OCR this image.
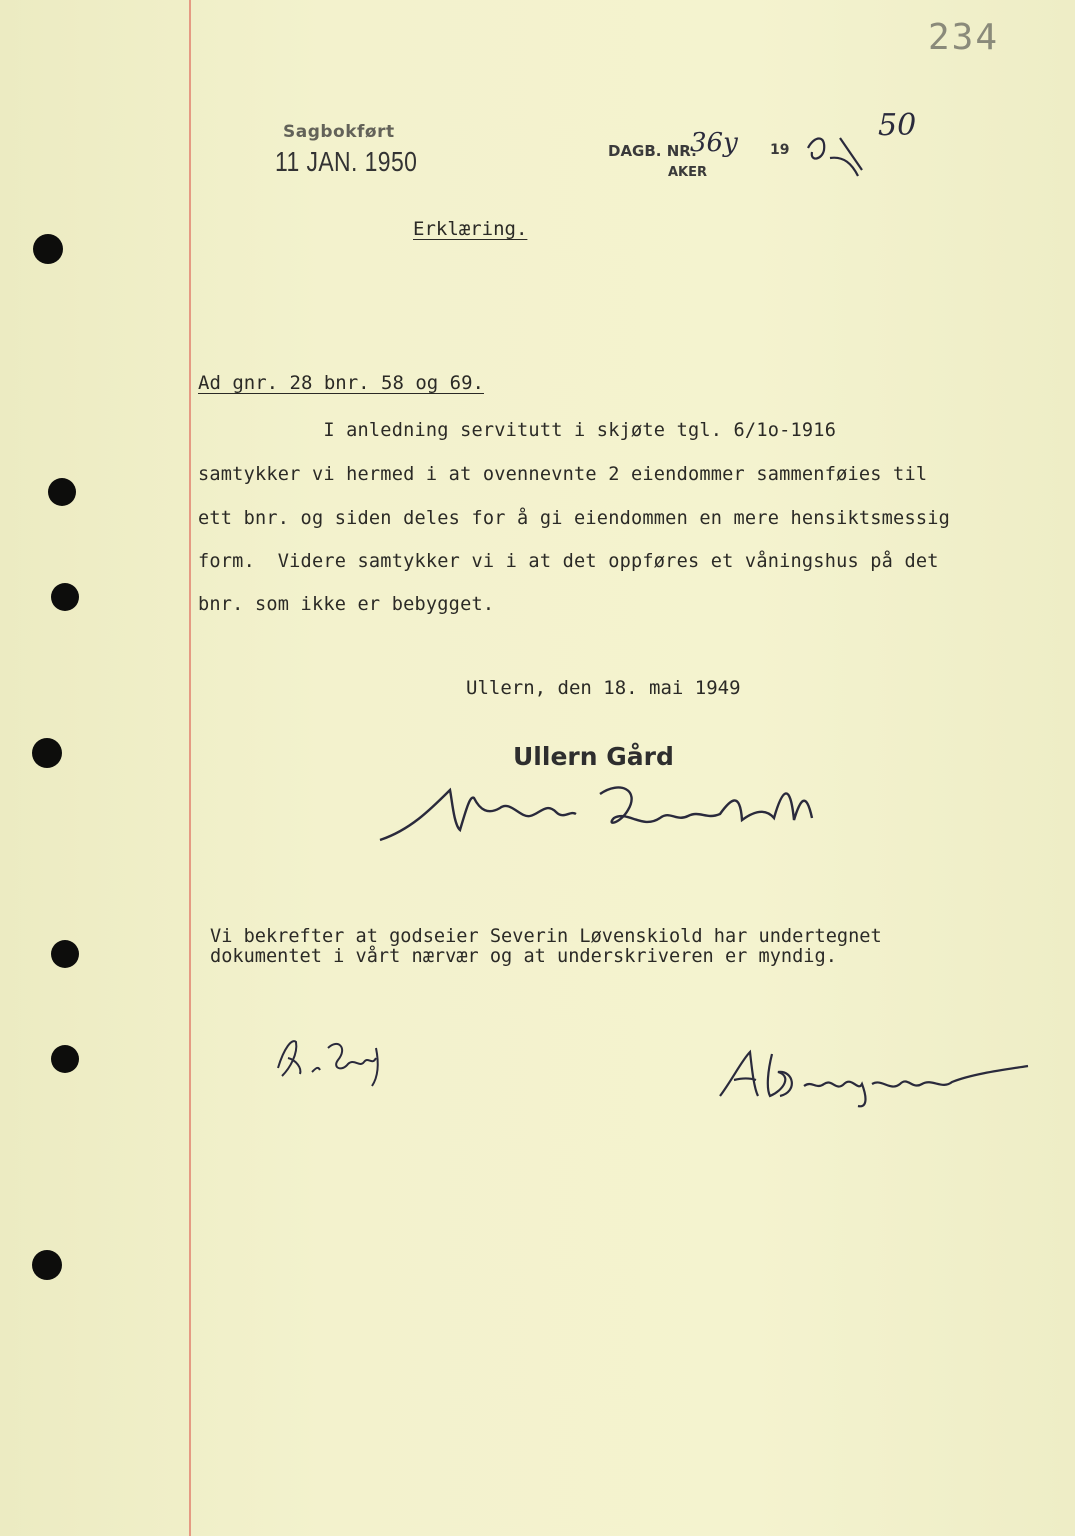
Sagbokført
11 JAN. 1950
234
DAGB. NR.
36y
AKER
19
50
Erklæring.
Ad gnr. 28 bnr. 58 og 69.
I anledning servitutt i skjøte tgl. 6/1o-1916
samtykker vi hermed i at ovennevnte 2 eiendommer sammenføies til
ett bnr. og siden deles for å gi eiendommen en mere hensiktsmessig
form.  Videre samtykker vi i at det oppføres et våningshus på det
bnr. som ikke er bebygget.
Ullern, den 18. mai 1949
Ullern Gård
Vi bekrefter at godseier Severin Løvenskiold har undertegnet
dokumentet i vårt nærvær og at underskriveren er myndig.
